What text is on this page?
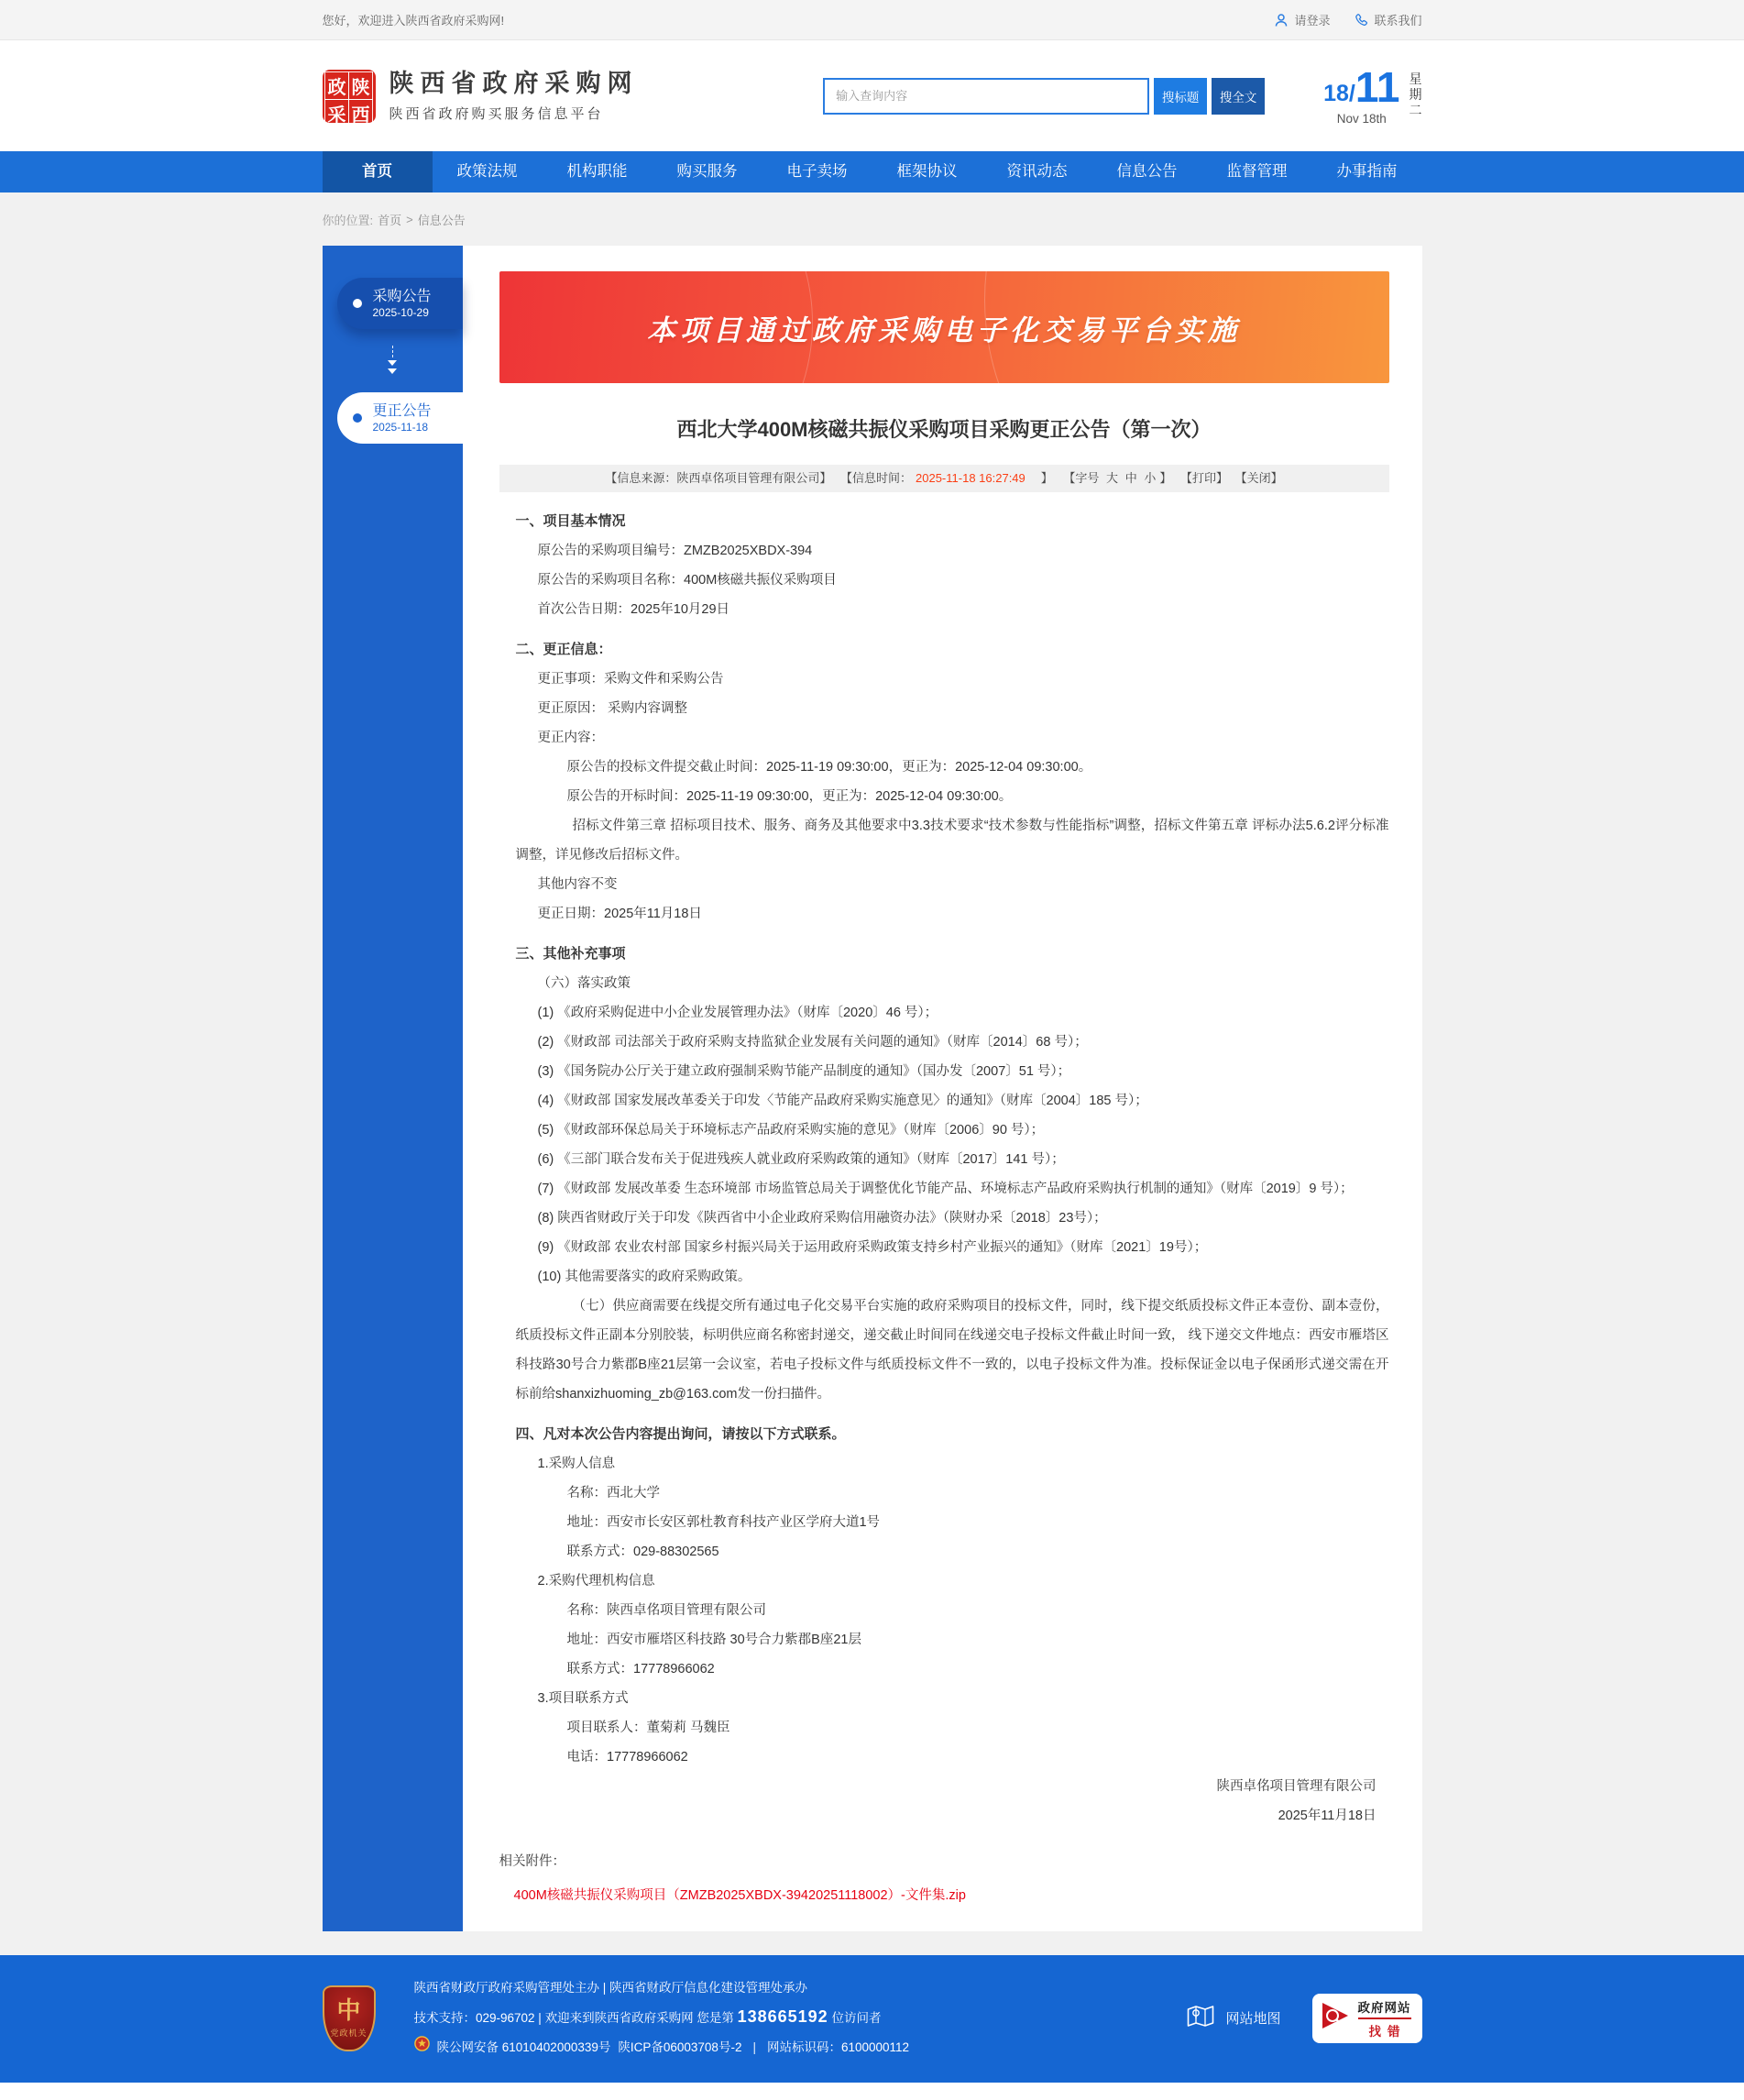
您好，欢迎进入陕西省政府采购网!	请登录	联系我们
政 陕
采 西
陕西省政府采购网
陕西省政府购买服务信息平台
输入查询内容
搜标题	搜全文	18/ 11
Nov 18th
星
期
二
首页	政策法规	机构职能	购买服务	电子卖场	框架协议	资讯动态	信息公告	监督管理	办事指南
你的位置: 首页 > 信息公告
采购公告
2025-10-29
更正公告
2025-11-18
本项目通过政府采购电子化交易平台实施
西北大学400M核磁共振仪采购项目采购更正公告（第一次）
【信息来源：陕西卓佲项目管理有限公司】 【信息时间： 2025-11-18 16:27:49　】 【字号 大 中 小 】 【打印】 【关闭】

一、项目基本情况

原公告的采购项目编号：ZMZB2025XBDX-394

原公告的采购项目名称：400M核磁共振仪采购项目

首次公告日期：2025年10月29日

二、更正信息：

更正事项：采购文件和采购公告

更正原因： 采购内容调整

更正内容：

原公告的投标文件提交截止时间：2025-11-19 09:30:00，更正为：2025-12-04 09:30:00。

原公告的开标时间：2025-11-19 09:30:00，更正为：2025-12-04 09:30:00。

招标文件第三章 招标项目技术、服务、商务及其他要求中3.3技术要求“技术参数与性能指标”调整，招标文件第五章 评标办法5.6.2评分标准调整，详见修改后招标文件。

其他内容不变

更正日期：2025年11月18日

三、其他补充事项

（六）落实政策

(1) 《政府采购促进中小企业发展管理办法》（财库〔2020〕46 号）；

(2) 《财政部 司法部关于政府采购支持监狱企业发展有关问题的通知》（财库〔2014〕68 号）；

(3) 《国务院办公厅关于建立政府强制采购节能产品制度的通知》（国办发〔2007〕51 号）；

(4) 《财政部 国家发展改革委关于印发〈节能产品政府采购实施意见〉的通知》（财库〔2004〕185 号）；

(5) 《财政部环保总局关于环境标志产品政府采购实施的意见》（财库〔2006〕90 号）；

(6) 《三部门联合发布关于促进残疾人就业政府采购政策的通知》（财库〔2017〕141 号）；

(7) 《财政部 发展改革委 生态环境部 市场监管总局关于调整优化节能产品、环境标志产品政府采购执行机制的通知》（财库〔2019〕9 号）；

(8) 陕西省财政厅关于印发《陕西省中小企业政府采购信用融资办法》（陕财办采〔2018〕23号）；

(9) 《财政部 农业农村部 国家乡村振兴局关于运用政府采购政策支持乡村产业振兴的通知》（财库〔2021〕19号）；

(10) 其他需要落实的政府采购政策。

（七）供应商需要在线提交所有通过电子化交易平台实施的政府采购项目的投标文件，同时，线下提交纸质投标文件正本壹份、副本壹份，纸质投标文件正副本分别胶装，标明供应商名称密封递交，递交截止时间同在线递交电子投标文件截止时间一致， 线下递交文件地点：西安市雁塔区科技路30号合力紫郡B座21层第一会议室，若电子投标文件与纸质投标文件不一致的，以电子投标文件为准。投标保证金以电子保函形式递交需在开标前给shanxizhuoming_zb@163.com发一份扫描件。

四、凡对本次公告内容提出询问，请按以下方式联系。

1.采购人信息

名称：西北大学

地址：西安市长安区郭杜教育科技产业区学府大道1号

联系方式：029-88302565

2.采购代理机构信息

名称：陕西卓佲项目管理有限公司

地址：西安市雁塔区科技路 30号合力紫郡B座21层

联系方式：17778966062

3.项目联系方式

项目联系人：董菊莉 马魏臣

电话：17778966062

陕西卓佲项目管理有限公司

2025年11月18日

相关附件：
400M核磁共振仪采购项目（ZMZB2025XBDX-39420251118002）-文件集.zip
中
党政机关

陕西省财政厅政府采购管理处主办 | 陕西省财政厅信息化建设管理处承办

技术支持：029-96702 | 欢迎来到陕西省政府采购网 您是第 138665192 位访问者

陕公网安备 61010402000339号 陕ICP备06003708号-2 | 网站标识码：6100000112

网站地图
政府网站
找错
